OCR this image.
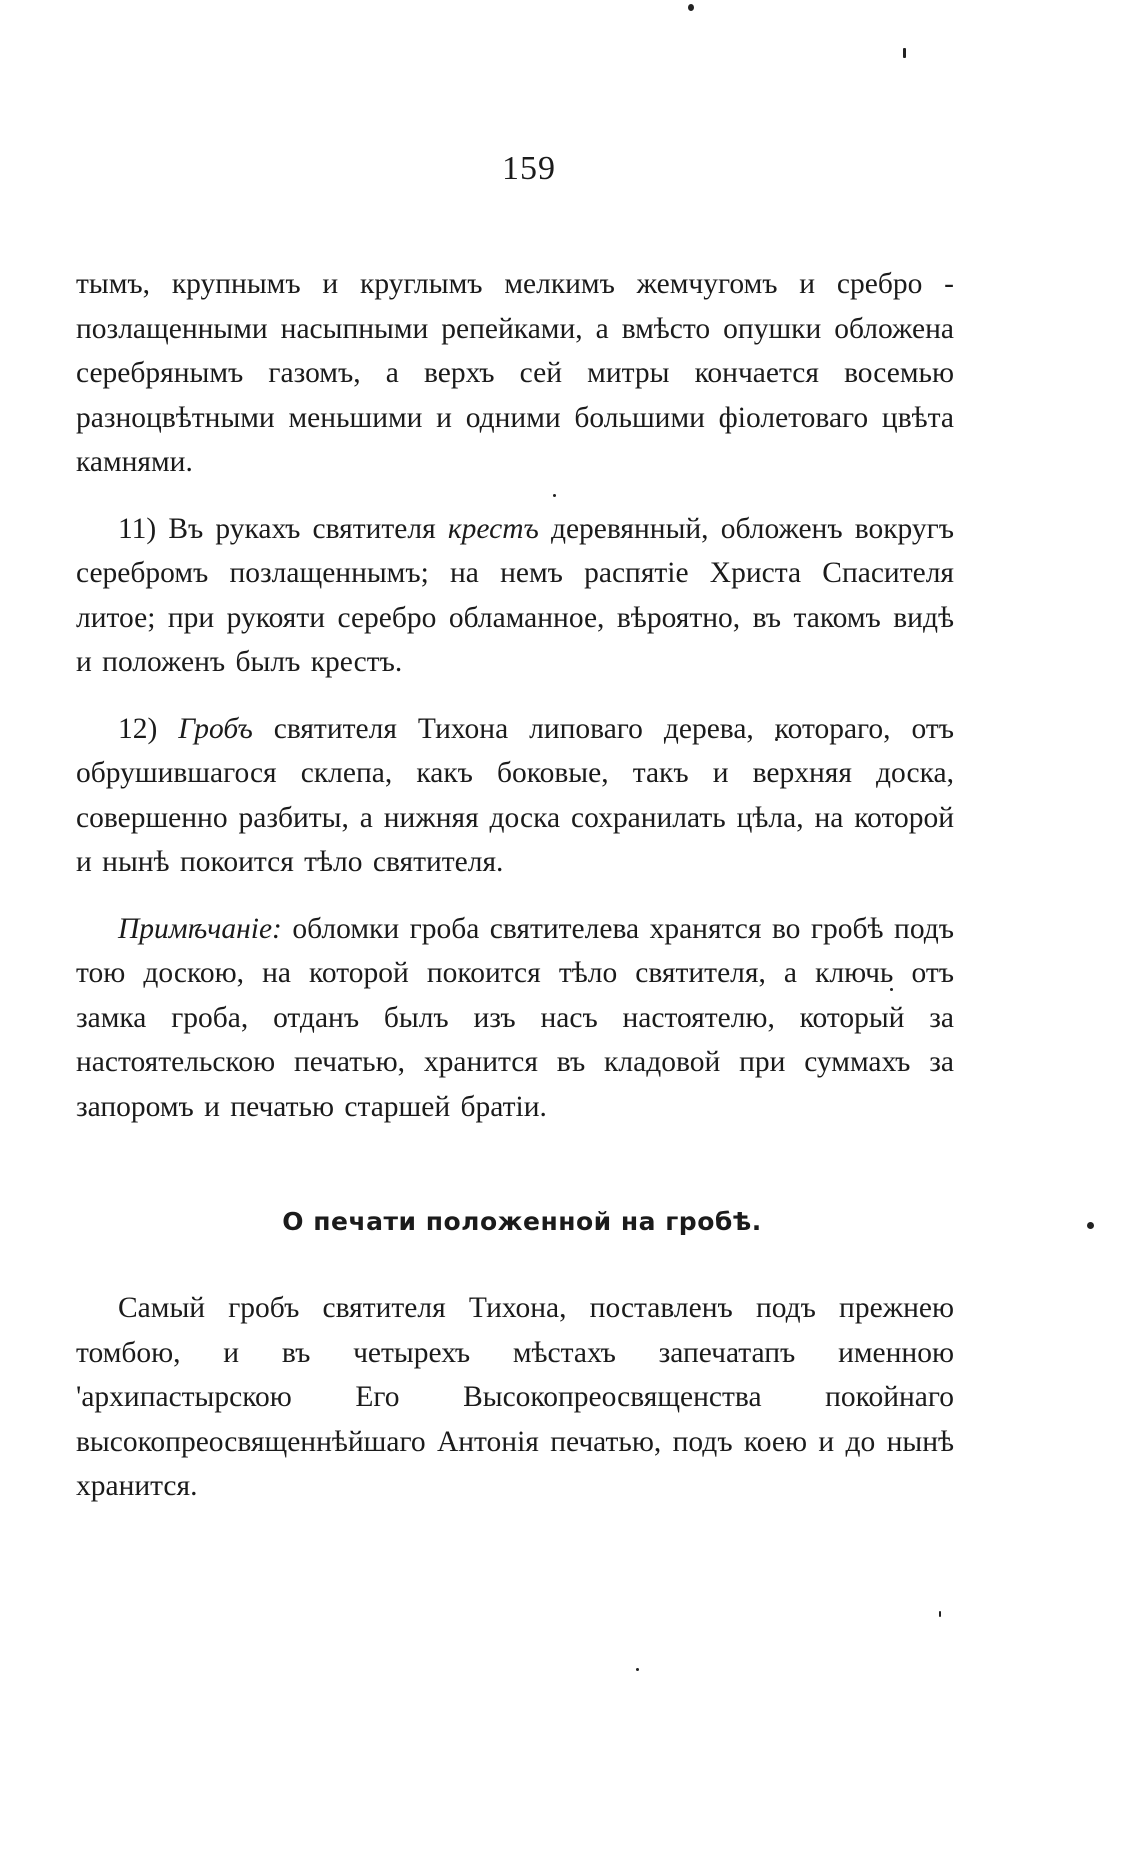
159

тымъ, крупнымъ и круглымъ мелкимъ жемчугомъ и сребро - позлащенными насыпными репейками, а вмѣсто опушки обложена серебрянымъ газомъ, а верхъ сей митры кончается восемью разноцвѣтными меньшими и одними большими фіолетоваго цвѣта камнями.

11) Въ рукахъ святителя крестъ деревянный, обложенъ вокругъ серебромъ позлащеннымъ; на немъ распятіе Христа Спасителя литое; при рукояти серебро обламанное, вѣроятно, въ такомъ видѣ и положенъ былъ крестъ.

12) Гробъ святителя Тихона липоваго дерева, котораго, отъ обрушившагося склепа, какъ боковые, такъ и верхняя доска, совершенно разбиты, а нижняя доска сохранилать цѣла, на которой и нынѣ покоится тѣло святителя.

Примѣчаніе: обломки гроба святителева хранятся во гробѣ подъ тою доскою, на которой покоится тѣло святителя, а ключь отъ замка гроба, отданъ былъ изъ насъ настоятелю, который за настоятельскою печатью, хранится въ кладовой при суммахъ за запоромъ и печатью старшей братіи.

О печати положенной на гробѣ.

Самый гробъ святителя Тихона, поставленъ подъ прежнею томбою, и въ четырехъ мѣстахъ запечатапъ именною 'архипастырскою Его Высокопреосвященства покойнаго высокопреосвященнѣйшаго Антонія печатью, подъ коею и до нынѣ хранится.
